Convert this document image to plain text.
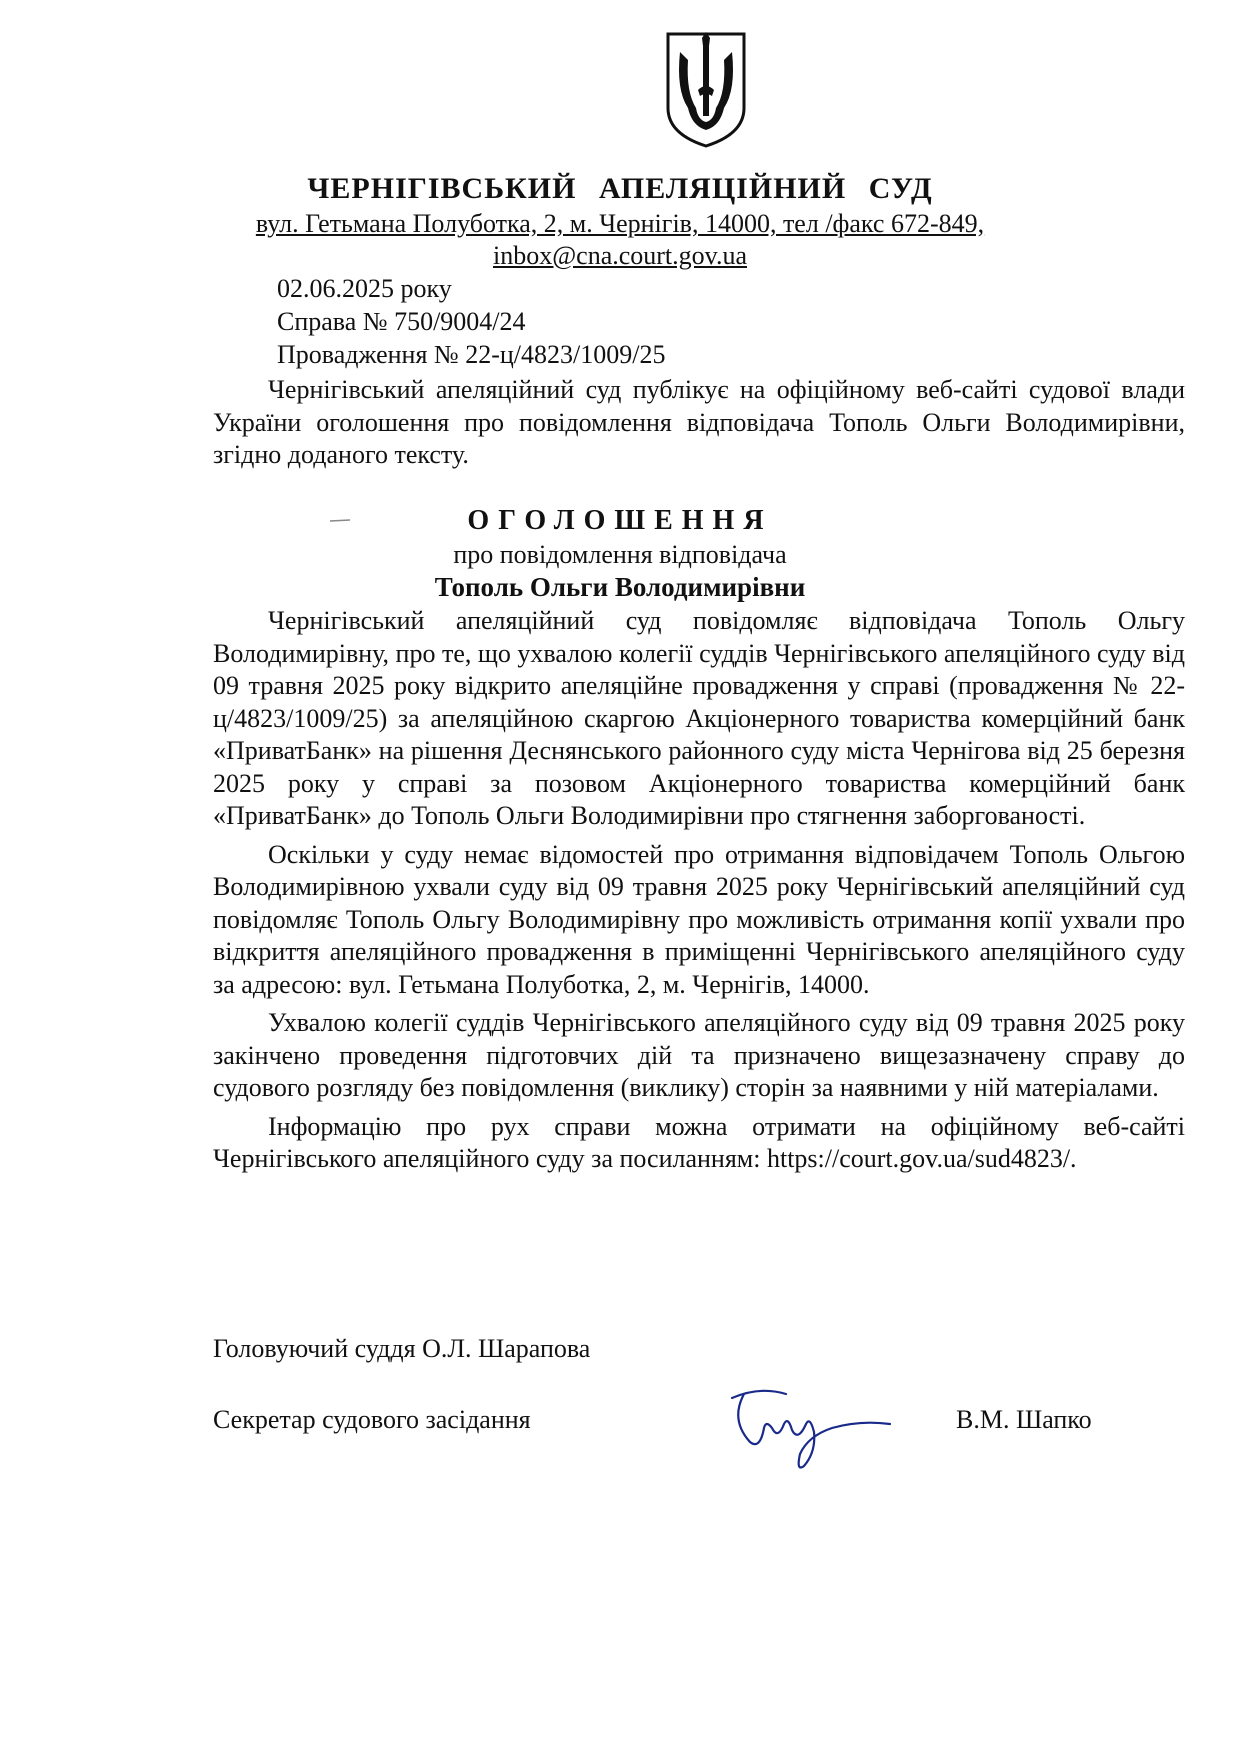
ЧЕРНІГІВСЬКИЙ АПЕЛЯЦІЙНИЙ СУД
вул. Гетьмана Полуботка, 2, м. Чернігів, 14000, тел /факс 672-849,
inbox@cna.court.gov.ua
02.06.2025 року
Справа № 750/9004/24
Провадження № 22-ц/4823/1009/25

Чернігівський апеляційний суд публікує на офіційному веб-сайті судової влади України оголошення про повідомлення відповідача Тополь Ольги Володимирівни, згідно доданого тексту.

ОГОЛОШЕННЯ
про повідомлення відповідача
Тополь Ольги Володимирівни

Чернігівський апеляційний суд повідомляє відповідача Тополь Ольгу Володимирівну, про те, що ухвалою колегії суддів Чернігівського апеляційного суду від 09 травня 2025 року відкрито апеляційне провадження у справі (провадження № 22-ц/4823/1009/25) за апеляційною скаргою Акціонерного товариства комерційний банк «ПриватБанк» на рішення Деснянського районного суду міста Чернігова від 25 березня 2025 року у справі за позовом Акціонерного товариства комерційний банк «ПриватБанк» до Тополь Ольги Володимирівни про стягнення заборгованості.

Оскільки у суду немає відомостей про отримання відповідачем Тополь Ольгою Володимирівною ухвали суду від 09 травня 2025 року Чернігівський апеляційний суд повідомляє Тополь Ольгу Володимирівну про можливість отримання копії ухвали про відкриття апеляційного провадження в приміщенні Чернігівського апеляційного суду за адресою: вул. Гетьмана Полуботка, 2, м. Чернігів, 14000.

Ухвалою колегії суддів Чернігівського апеляційного суду від 09 травня 2025 року закінчено проведення підготовчих дій та призначено вищезазначену справу до судового розгляду без повідомлення (виклику) сторін за наявними у ній матеріалами.

Інформацію про рух справи можна отримати на офіційному веб-сайті Чернігівського апеляційного суду за посиланням: https://court.gov.ua/sud4823/.

Головуючий суддя О.Л. Шарапова
Секретар судового засідання	В.М. Шапко
